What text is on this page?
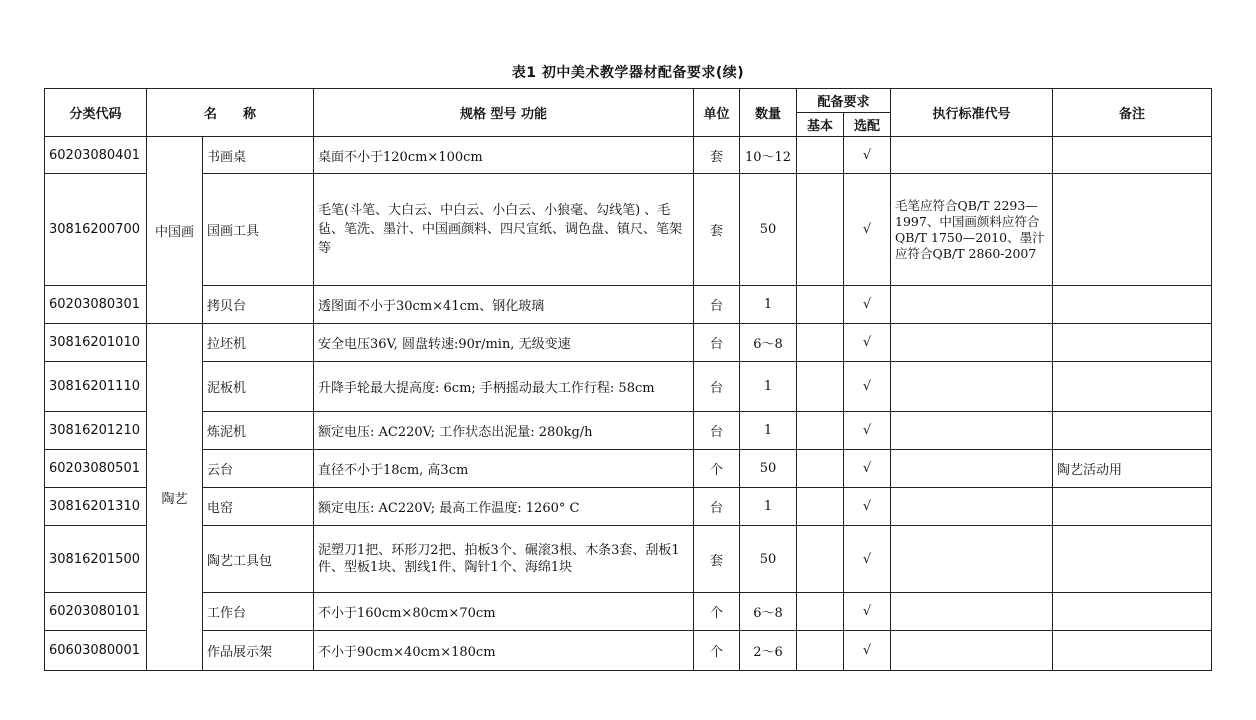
表1 初中美术教学器材配备要求(续)
分类代码	名　　称		规格 型号 功能	单位	数量	配备要求		执行标准代号	备注
						基本	选配		
60203080401	中国画	书画桌	桌面不小于120cm×100cm	套	10～12		√		
30816200700		国画工具	毛笔(斗笔、大白云、中白云、小白云、小狼毫、勾线笔) 、毛毡、笔洗、墨汁、中国画颜料、四尺宣纸、调色盘、镇尺、笔架等	套	50		√	毛笔应符合QB/T 2293—1997、中国画颜料应符合QB/T 1750—2010、墨汁应符合QB/T 2860-2007	
60203080301		拷贝台	透图面不小于30cm×41cm、钢化玻璃	台	1		√		
30816201010	陶艺	拉坯机	安全电压36V, 圆盘转速:90r/min, 无级变速	台	6～8		√		
30816201110		泥板机	升降手轮最大提高度: 6cm; 手柄摇动最大工作行程: 58cm	台	1		√		
30816201210		炼泥机	额定电压: AC220V; 工作状态出泥量: 280kg/h	台	1		√		
60203080501		云台	直径不小于18cm, 高3cm	个	50		√		陶艺活动用
30816201310		电窑	额定电压: AC220V; 最高工作温度: 1260° C	台	1		√		
30816201500		陶艺工具包	泥塑刀1把、环形刀2把、拍板3个、碾滚3根、木条3套、刮板1件、型板1块、割线1件、陶针1个、海绵1块	套	50		√		
60203080101		工作台	不小于160cm×80cm×70cm	个	6～8		√		
60603080001		作品展示架	不小于90cm×40cm×180cm	个	2～6		√		
